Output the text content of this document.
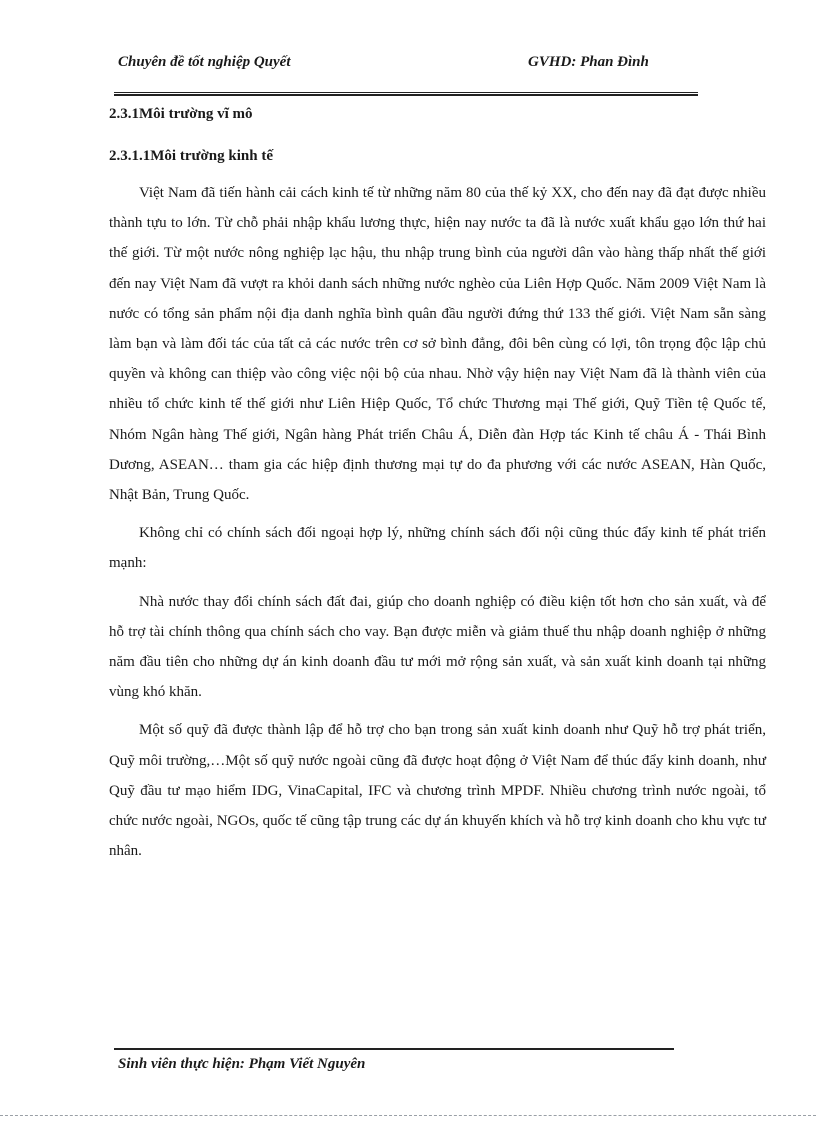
Chuyên đề tốt nghiệp Quyết	GVHD: Phan Đình
2.3.1Môi trường vĩ mô
2.3.1.1Môi trường kinh tế

Việt Nam đã tiến hành cải cách kinh tế từ những năm 80 của thế kỷ XX, cho đến nay đã đạt được nhiều thành tựu to lớn. Từ chỗ phải nhập khẩu lương thực, hiện nay nước ta đã là nước xuất khẩu gạo lớn thứ hai thế giới. Từ một nước nông nghiệp lạc hậu, thu nhập trung bình của người dân vào hàng thấp nhất thế giới đến nay Việt Nam đã vượt ra khỏi danh sách những nước nghèo của Liên Hợp Quốc. Năm 2009 Việt Nam là nước có tổng sản phẩm nội địa danh nghĩa bình quân đầu người đứng thứ 133 thế giới. Việt Nam sẵn sàng làm bạn và làm đối tác của tất cả các nước trên cơ sở bình đẳng, đôi bên cùng có lợi, tôn trọng độc lập chủ quyền và không can thiệp vào công việc nội bộ của nhau. Nhờ vậy hiện nay Việt Nam đã là thành viên của nhiều tổ chức kinh tế thế giới như Liên Hiệp Quốc, Tổ chức Thương mại Thế giới, Quỹ Tiền tệ Quốc tế, Nhóm Ngân hàng Thế giới, Ngân hàng Phát triển Châu Á, Diễn đàn Hợp tác Kinh tế châu Á - Thái Bình Dương, ASEAN… tham gia các hiệp định thương mại tự do đa phương với các nước ASEAN, Hàn Quốc, Nhật Bản, Trung Quốc.

Không chỉ có chính sách đối ngoại hợp lý, những chính sách đối nội cũng thúc đẩy kinh tế phát triển mạnh:

Nhà nước thay đổi chính sách đất đai, giúp cho doanh nghiệp có điều kiện tốt hơn cho sản xuất, và để hỗ trợ tài chính thông qua chính sách cho vay. Bạn được miễn và giảm thuế thu nhập doanh nghiệp ở những năm đầu tiên cho những dự án kinh doanh đầu tư mới mở rộng sản xuất, và sản xuất kinh doanh tại những vùng khó khăn.

Một số quỹ đã được thành lập để hỗ trợ cho bạn trong sản xuất kinh doanh như Quỹ hỗ trợ phát triển, Quỹ môi trường,…Một số quỹ nước ngoài cũng đã được hoạt động ở Việt Nam để thúc đẩy kinh doanh, như Quỹ đầu tư mạo hiểm IDG, VinaCapital, IFC và chương trình MPDF. Nhiều chương trình nước ngoài, tổ chức nước ngoài, NGOs, quốc tế cũng tập trung các dự án khuyến khích và hỗ trợ kinh doanh cho khu vực tư nhân.

Sinh viên thực hiện: Phạm Viết Nguyên
